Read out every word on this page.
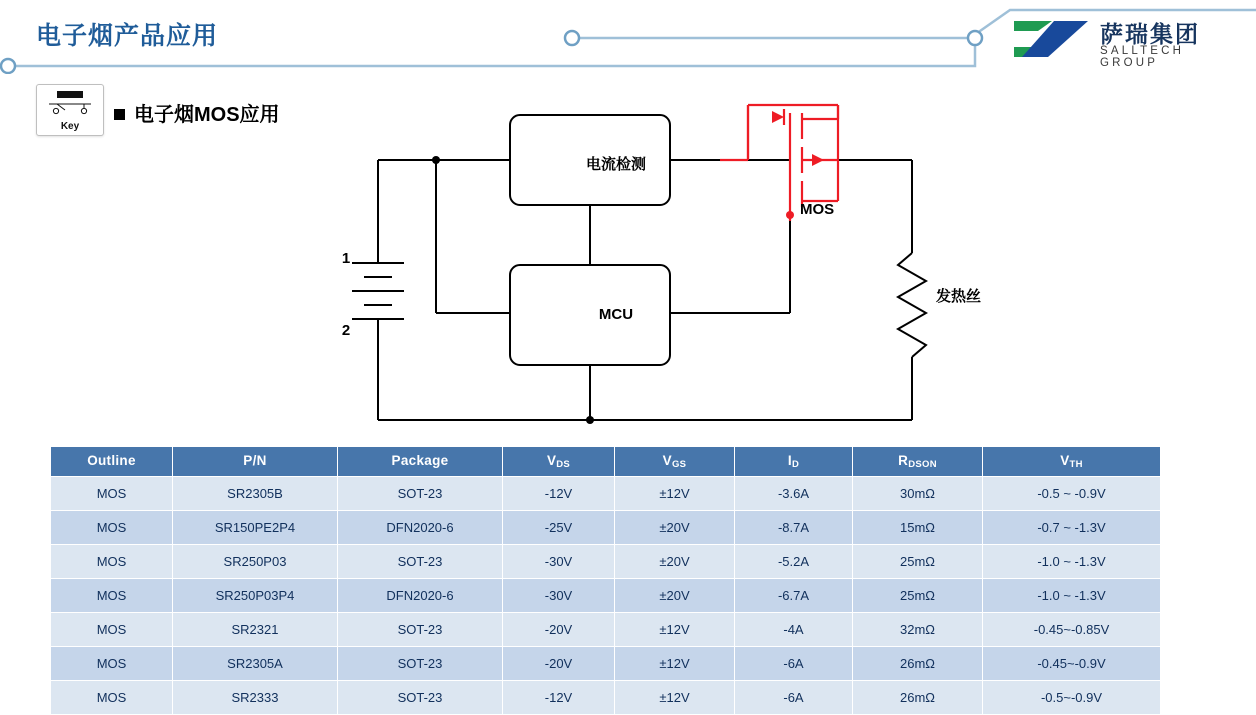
电子烟产品应用	萨瑞集团
SALLTECH GROUP
Key
电子烟MOS应用
电流检测
MCU
MOS
发热丝
1
2
Outline	P/N	Package	$V_{DS}$	$V_{GS}$	$I_D$	$R_{DSON}$	$V_{TH}$
MOS	SR2305B	SOT-23	-12V	±12V	-3.6A	30mΩ	-0.5 ~ -0.9V
MOS	SR150PE2P4	DFN2020-6	-25V	±20V	-8.7A	15mΩ	-0.7 ~ -1.3V
MOS	SR250P03	SOT-23	-30V	±20V	-5.2A	25mΩ	-1.0 ~ -1.3V
MOS	SR250P03P4	DFN2020-6	-30V	±20V	-6.7A	25mΩ	-1.0 ~ -1.3V
MOS	SR2321	SOT-23	-20V	±12V	-4A	32mΩ	-0.45~-0.85V
MOS	SR2305A	SOT-23	-20V	±12V	-6A	26mΩ	-0.45~-0.9V
MOS	SR2333	SOT-23	-12V	±12V	-6A	26mΩ	-0.5~-0.9V
